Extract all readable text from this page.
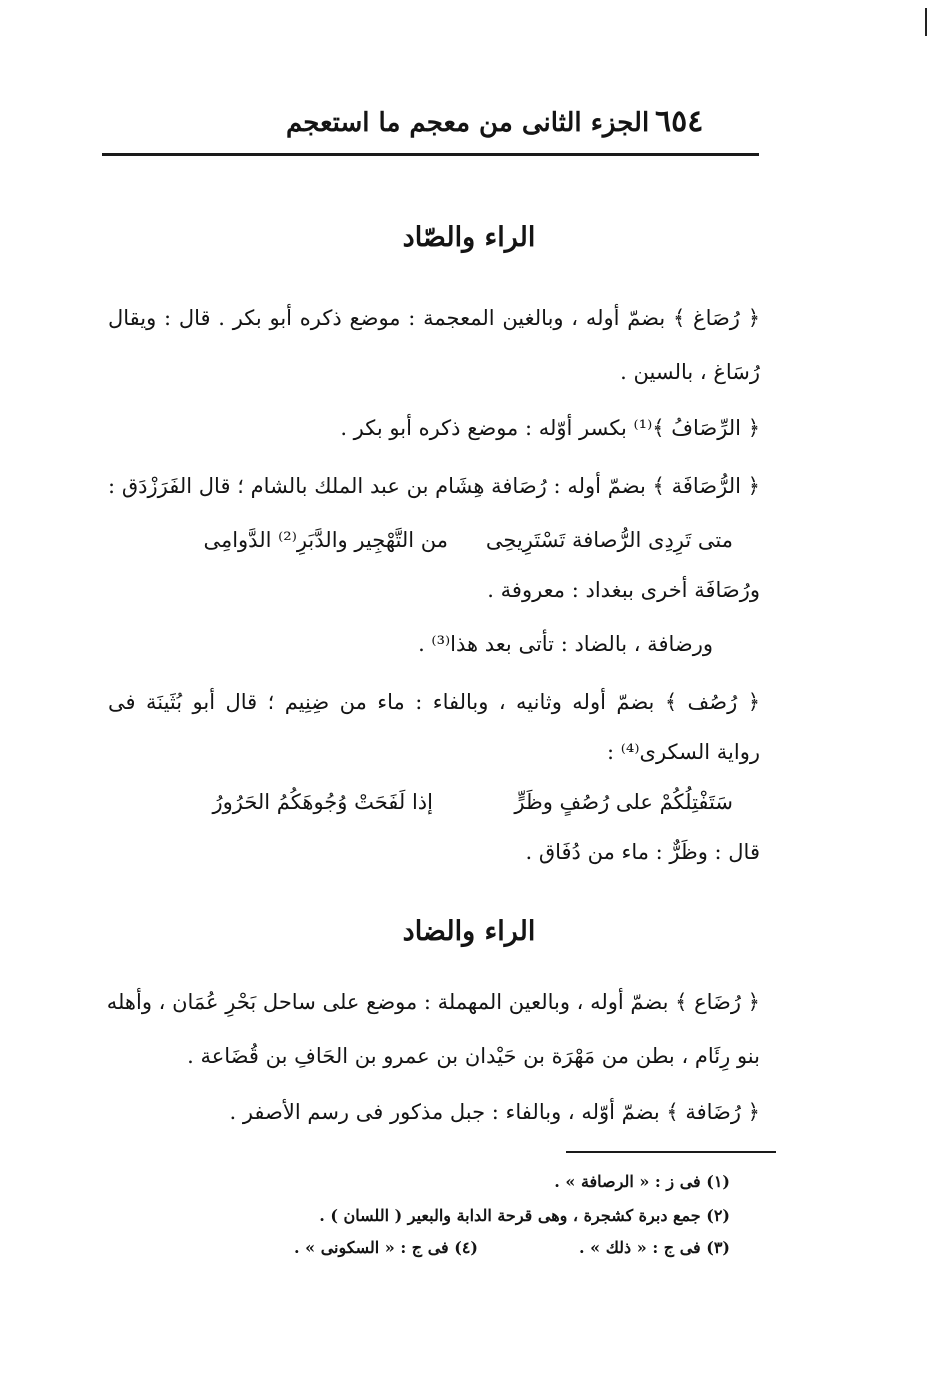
٦٥٤
الجزء الثانى من معجم ما استعجم
الراء والصّاد
﴿ رُصَاغ ﴾ بضمّ أوله ، وبالغين المعجمة : موضع ذكره أبو بكر . قال : ويقال
رُسَاغ ، بالسين .
﴿ الرِّصَافُ ﴾⁽¹⁾ بكسر أوّله : موضع ذكره أبو بكر .
﴿ الرُّصَافَة ﴾ بضمّ أوله : رُصَافة هِشَام بن عبد الملك بالشام ؛ قال الفَرَزْدَق :
متى تَرِدِى الرُّصافة تَسْتَرِيحِى
من التَّهْجِير والدَّبَرِ⁽²⁾ الدَّوامِى
ورُصَافَة أخرى ببغداد : معروفة .
ورضافة ، بالضاد : تأتى بعد هذا⁽³⁾ .
﴿ رُصُف ﴾ بضمّ أوله وثانيه ، وبالفاء : ماء من ضِنِيم ؛ قال أبو بُثَينَة فى
رواية السكرى⁽⁴⁾ :
سَتَفْتِلُكُمْ على رُصُفٍ وظَرٍّ
إذا لَفَحَتْ وُجُوهَكُمُ الحَرُورُ
قال : وظَرٌّ : ماء من دُفَاق .
الراء والضاد
﴿ رُضَاع ﴾ بضمّ أوله ، وبالعين المهملة : موضع على ساحل بَحْرِ عُمَان ، وأهله
بنو رِئَام ، بطن من مَهْرَة بن حَيْدان بن عمرو بن الحَافِ بن قُضَاعة .
﴿ رُضَافة ﴾ بضمّ أوّله ، وبالفاء : جبل مذكور فى رسم الأصفر .
(١) فى ز : « الرصافة » .
(٢) جمع دبرة كشجرة ، وهى قرحة الدابة والبعير ( اللسان ) .
(٣) فى ج : « ذلك » .
(٤) فى ج : « السكونى » .
